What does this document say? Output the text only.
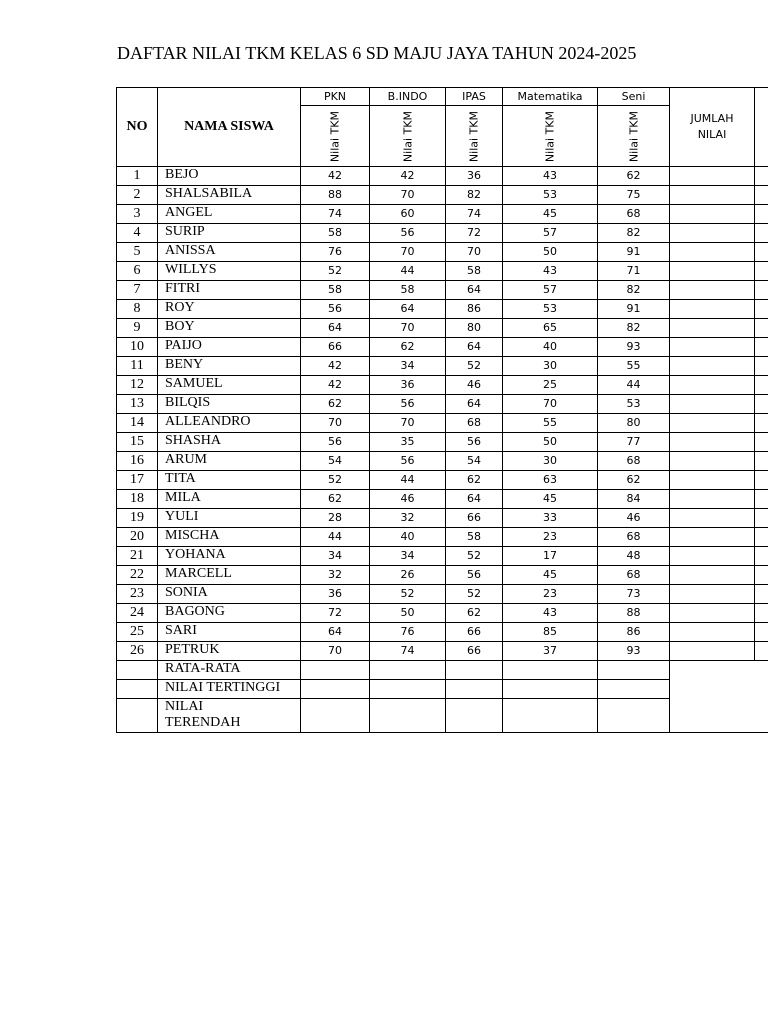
DAFTAR NILAI TKM KELAS 6 SD MAJU JAYA TAHUN 2024-2025
NO	NAMA SISWA	PKN	B.INDO	IPAS	Matematika	Seni	JUMLAH
NILAI	

		Nilai TKM	Nilai TKM	Nilai TKM	Nilai TKM	Nilai TKM		

1	BEJO	42	42	36	43	62		
2	SHALSABILA	88	70	82	53	75		
3	ANGEL	74	60	74	45	68		
4	SURIP	58	56	72	57	82		
5	ANISSA	76	70	70	50	91		
6	WILLYS	52	44	58	43	71		
7	FITRI	58	58	64	57	82		
8	ROY	56	64	86	53	91		
9	BOY	64	70	80	65	82		
10	PAIJO	66	62	64	40	93		
11	BENY	42	34	52	30	55		
12	SAMUEL	42	36	46	25	44		
13	BILQIS	62	56	64	70	53		
14	ALLEANDRO	70	70	68	55	80		
15	SHASHA	56	35	56	50	77		
16	ARUM	54	56	54	30	68		
17	TITA	52	44	62	63	62		
18	MILA	62	46	64	45	84		
19	YULI	28	32	66	33	46		
20	MISCHA	44	40	58	23	68		
21	YOHANA	34	34	52	17	48		
22	MARCELL	32	26	56	45	68		
23	SONIA	36	52	52	23	73		
24	BAGONG	72	50	62	43	88		
25	SARI	64	76	66	85	86		
26	PETRUK	70	74	66	37	93		
	RATA-RATA							
	NILAI TERTINGGI							

	NILAI
TERENDAH							
